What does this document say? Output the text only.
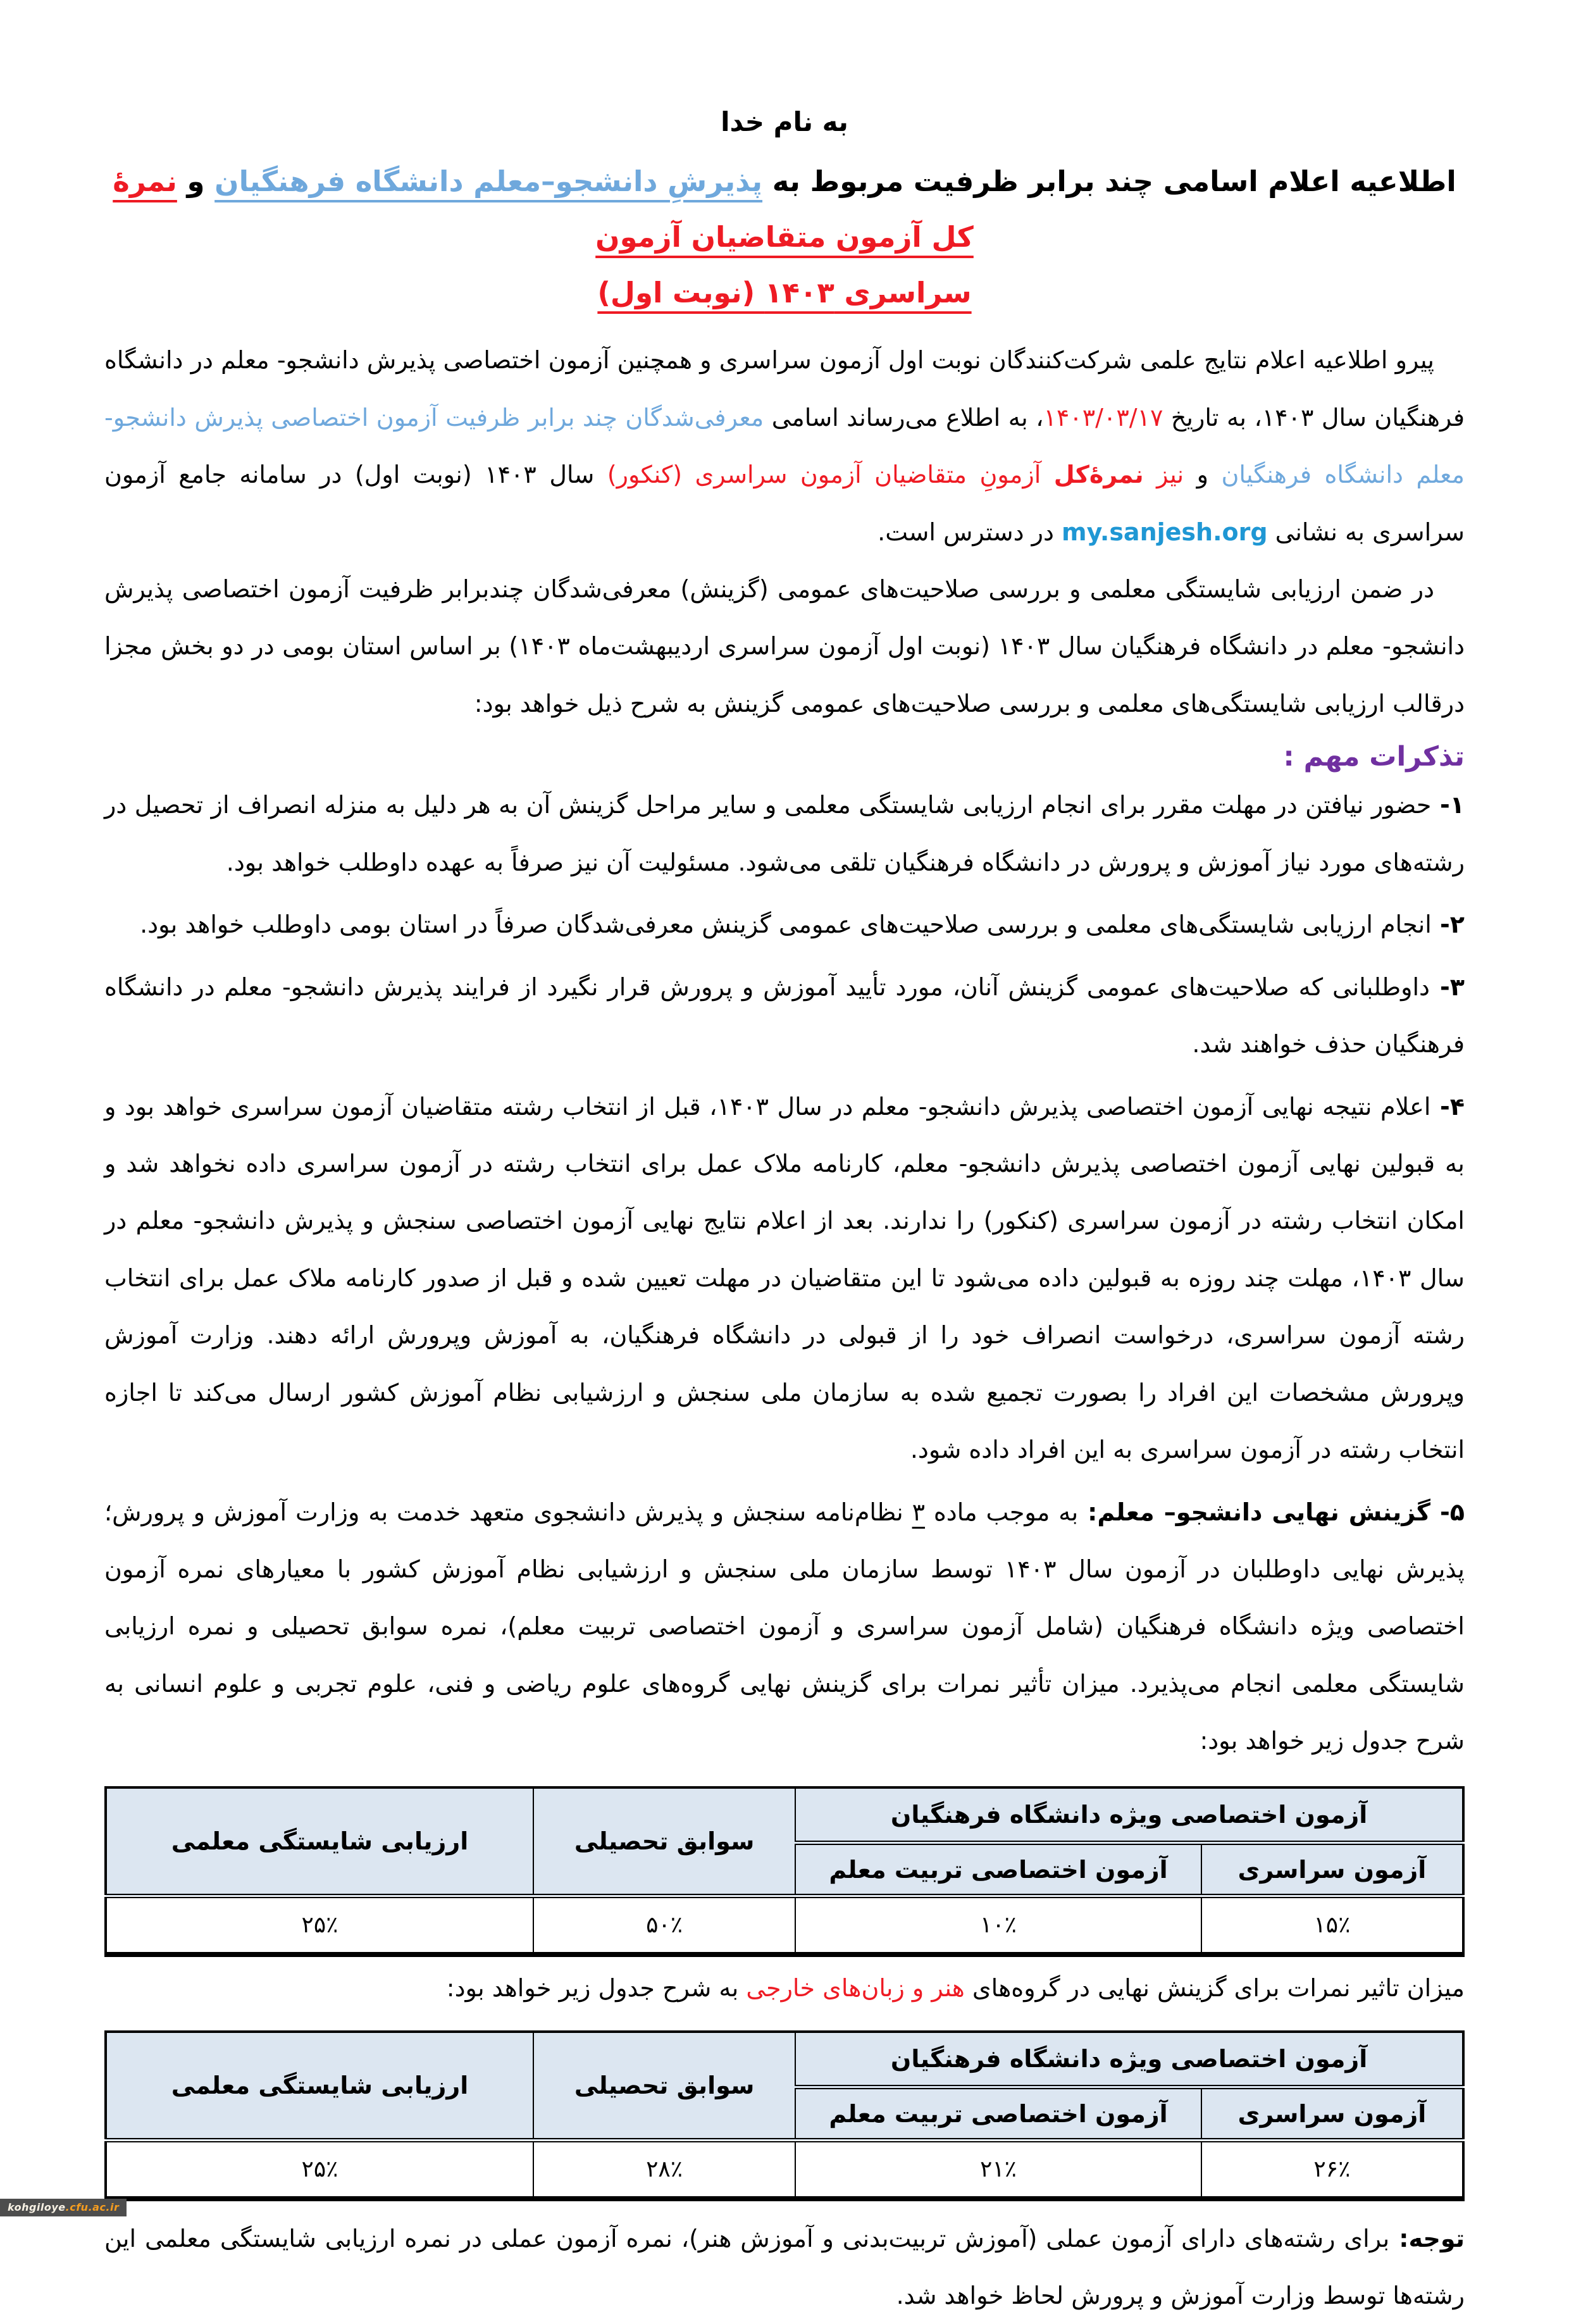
به نام خدا
اطلاعیه اعلام اسامی چند برابر ظرفیت مربوط به پذیرشِ دانشجو–معلم دانشگاه فرهنگیان و نمرهٔ کل آزمون متقاضیان آزمون
سراسری ۱۴۰۳ (نوبت اول)

پیرو اطلاعیه اعلام نتایج علمی شرکت‌کنندگان نوبت اول آزمون سراسری و همچنین آزمون اختصاصی پذیرش دانشجو- معلم در دانشگاه فرهنگیان سال ۱۴۰۳، به تاریخ ۱۴۰۳/۰۳/۱۷، به اطلاع می‌رساند اسامی معرفی‌شدگان چند برابر ظرفیت آزمون اختصاصی پذیرش دانشجو- معلم دانشگاه فرهنگیان و نیز نمرهٔ‌کل آزمونِ متقاضیان آزمون سراسری (کنکور) سال ۱۴۰۳ (نوبت اول) در سامانه جامع آزمون سراسری به نشانی my.sanjesh.org در دسترس است.

در ضمن ارزیابی شایستگی معلمی و بررسی صلاحیت‌های عمومی (گزینش) معرفی‌شدگان چندبرابر ظرفیت آزمون اختصاصی پذیرش دانشجو- معلم در دانشگاه فرهنگیان سال ۱۴۰۳ (نوبت اول آزمون سراسری اردیبهشت‌ماه ۱۴۰۳) بر اساس استان بومی در دو بخش مجزا درقالب ارزیابی شایستگی‌های معلمی و بررسی صلاحیت‌های عمومی گزینش به شرح ذیل خواهد بود:

تذکرات مهم :

۱- حضور نیافتن در مهلت مقرر برای انجام ارزیابی شایستگی معلمی و سایر مراحل گزینش آن به هر دلیل به منزله انصراف از تحصیل در رشته‌های مورد نیاز آموزش و پرورش در دانشگاه فرهنگیان تلقی می‌شود. مسئولیت آن نیز صرفاً به عهده داوطلب خواهد بود.

۲- انجام ارزیابی شایستگی‌های معلمی و بررسی صلاحیت‌های عمومی گزینش معرفی‌شدگان صرفاً در استان بومی داوطلب خواهد بود.

۳- داوطلبانی که صلاحیت‌های عمومی گزینش آنان، مورد تأیید آموزش و پرورش قرار نگیرد از فرایند پذیرش دانشجو- معلم در دانشگاه فرهنگیان حذف خواهند شد.

۴- اعلام نتیجه نهایی آزمون اختصاصی پذیرش دانشجو- معلم در سال ۱۴۰۳، قبل از انتخاب رشته متقاضیان آزمون سراسری خواهد بود و به قبولین نهایی آزمون اختصاصی پذیرش دانشجو- معلم، کارنامه ملاک عمل برای انتخاب رشته در آزمون سراسری داده نخواهد شد و امکان انتخاب رشته در آزمون سراسری (کنکور) را ندارند. بعد از اعلام نتایج نهایی آزمون اختصاصی سنجش و پذیرش دانشجو- معلم در سال ۱۴۰۳، مهلت چند روزه به قبولین داده می‌شود تا این متقاضیان در مهلت تعیین شده و قبل از صدور کارنامه ملاک عمل برای انتخاب رشته آزمون سراسری، درخواست انصراف خود را از قبولی در دانشگاه فرهنگیان، به آموزش وپرورش ارائه دهند. وزارت آموزش وپرورش مشخصات این افراد را بصورت تجمیع شده به سازمان ملی سنجش و ارزشیابی نظام آموزش کشور ارسال می‌کند تا اجازه انتخاب رشته در آزمون سراسری به این افراد داده شود.

۵- گزینش نهایی دانشجو– معلم: به موجب ماده ۳ نظام‌نامه سنجش و پذیرش دانشجوی متعهد خدمت به وزارت آموزش و پرورش؛ پذیرش نهایی داوطلبان در آزمون سال ۱۴۰۳ توسط سازمان ملی سنجش و ارزشیابی نظام آموزش کشور با معیارهای نمره آزمون اختصاصی ویژه دانشگاه فرهنگیان (شامل آزمون سراسری و آزمون اختصاصی تربیت معلم)، نمره سوابق تحصیلی و نمره ارزیابی شایستگی معلمی انجام می‌پذیرد. میزان تأثیر نمرات برای گزینش نهایی گروه‌های علوم ریاضی و فنی، علوم تجربی و علوم انسانی به شرح جدول زیر خواهد بود:

آزمون اختصاصی ویژه دانشگاه فرهنگیان		سوابق تحصیلی	ارزیابی شایستگی معلمی
آزمون سراسری	آزمون اختصاصی تربیت معلم		
۱۵٪	۱۰٪	۵۰٪	۲۵٪

میزان تاثیر نمرات برای گزینش نهایی در گروه‌های هنر و زبان‌های خارجی به شرح جدول زیر خواهد بود:

آزمون اختصاصی ویژه دانشگاه فرهنگیان		سوابق تحصیلی	ارزیابی شایستگی معلمی
آزمون سراسری	آزمون اختصاصی تربیت معلم		
۲۶٪	۲۱٪	۲۸٪	۲۵٪

توجه: برای رشته‌های دارای آزمون عملی (آموزش تربیت‌بدنی و آموزش هنر)، نمره آزمون عملی در نمره ارزیابی شایستگی معلمی این رشته‌ها توسط وزارت آموزش و پرورش لحاظ خواهد شد.

kohgiloye.cfu.ac.ir
